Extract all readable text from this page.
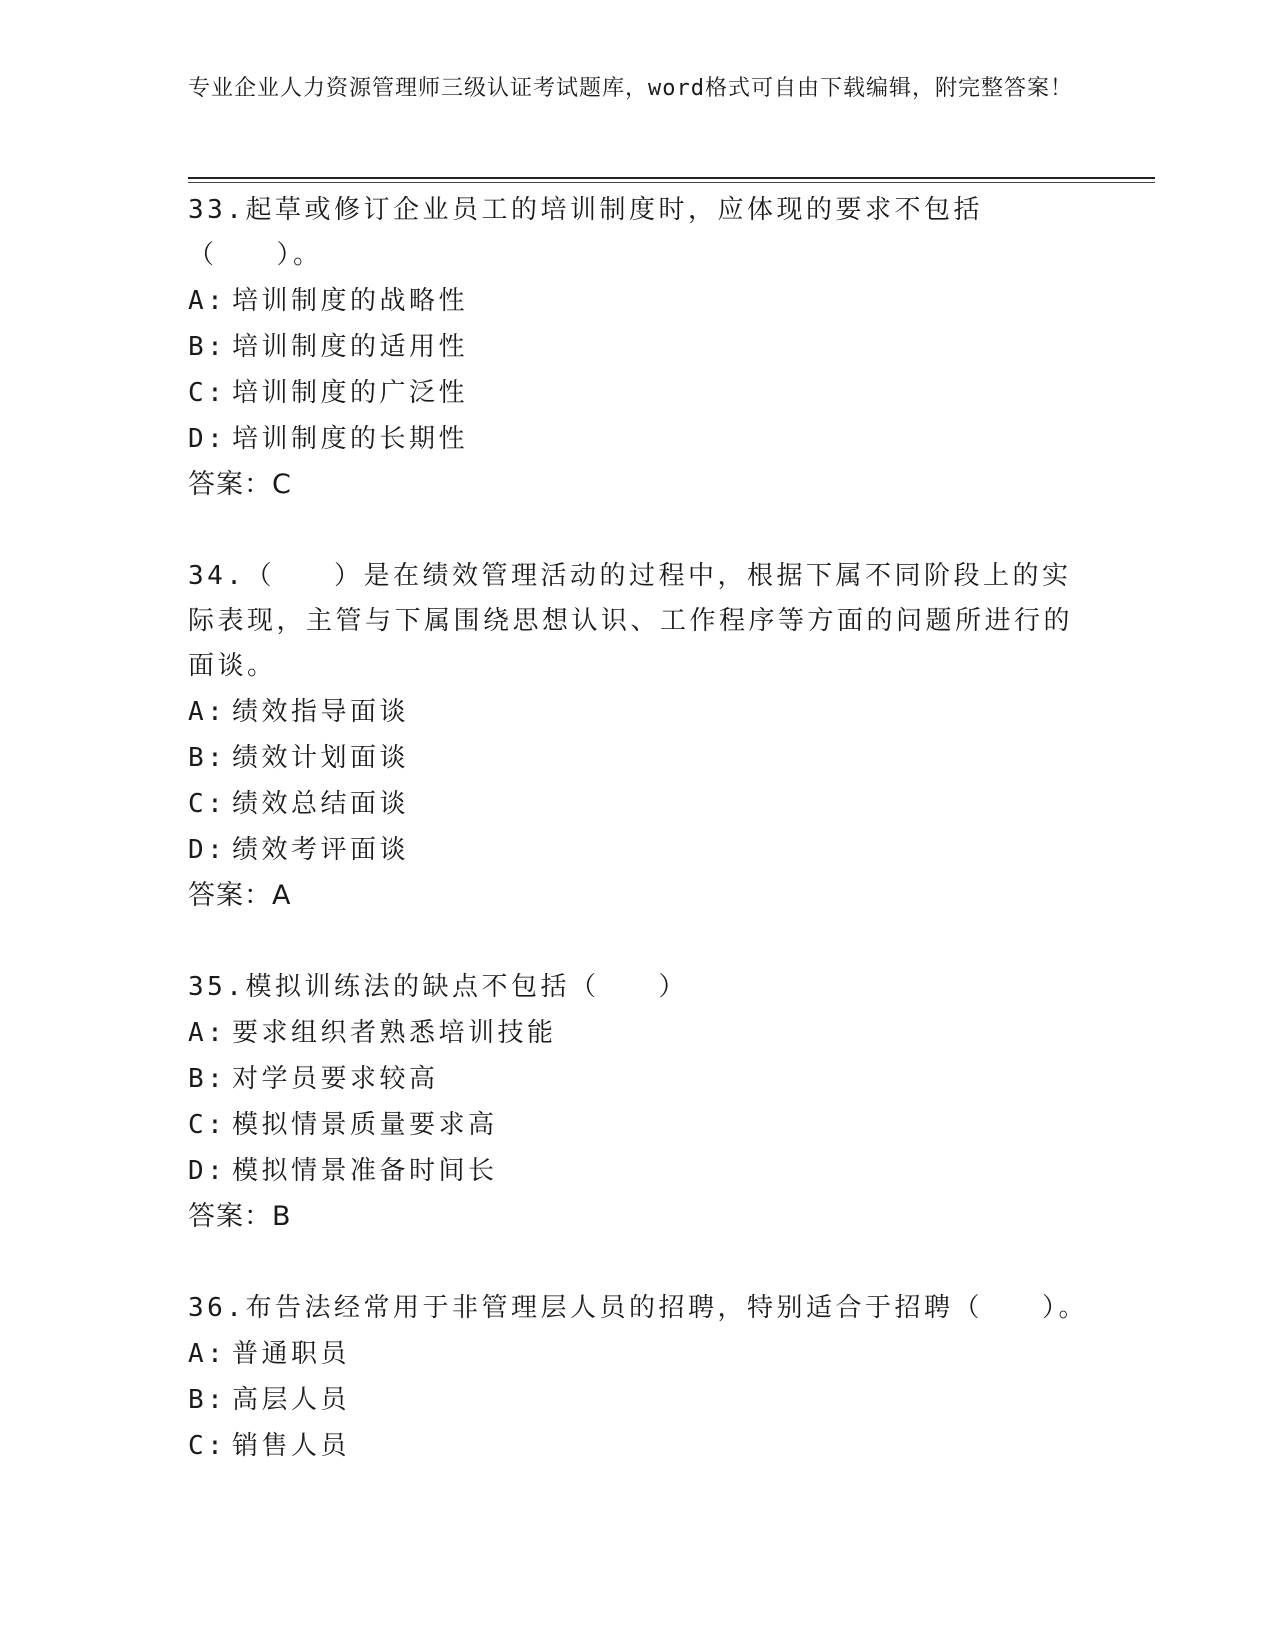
专业企业人力资源管理师三级认证考试题库，word格式可自由下载编辑，附完整答案！

33.起草或修订企业员工的培训制度时，应体现的要求不包括（　　）。

A: 培训制度的战略性

B: 培训制度的适用性

C: 培训制度的广泛性

D: 培训制度的长期性

答案：C

34.（　　）是在绩效管理活动的过程中，根据下属不同阶段上的实际表现，主管与下属围绕思想认识、工作程序等方面的问题所进行的面谈。

A: 绩效指导面谈

B: 绩效计划面谈

C: 绩效总结面谈

D: 绩效考评面谈

答案：A

35.模拟训练法的缺点不包括（　　）

A: 要求组织者熟悉培训技能

B: 对学员要求较高

C: 模拟情景质量要求高

D: 模拟情景准备时间长

答案：B

36.布告法经常用于非管理层人员的招聘，特别适合于招聘（　　）。

A: 普通职员

B: 高层人员

C: 销售人员
